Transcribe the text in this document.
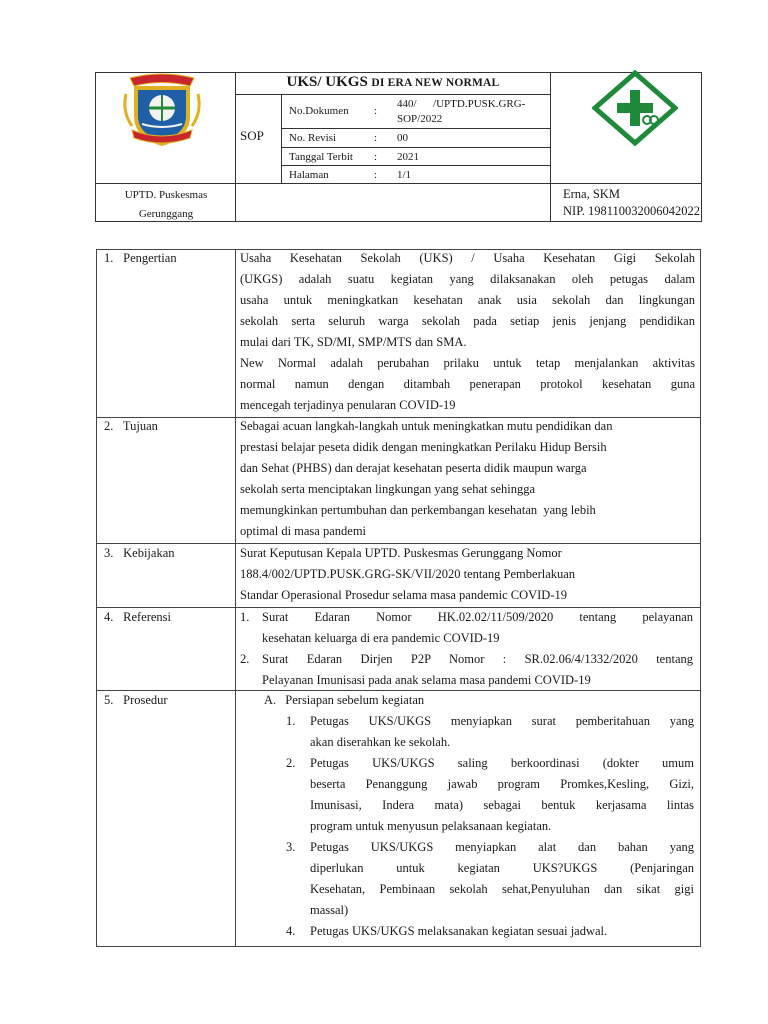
UKS/ UKGS DI ERA NEW NORMAL
SOP
No.Dokumen :
440/      /UPTD.PUSK.GRG-
SOP/2022
No. Revisi	: 00
Tanggal Terbit : 2021
Halaman	: 1/1
UPTD. Puskesmas
Gerunggang
Erna, SKM
NIP. 198110032006042022
1. Pengertian	Usaha Kesehatan Sekolah (UKS) / Usaha Kesehatan Gigi Sekolah
(UKGS) adalah suatu kegiatan yang dilaksanakan oleh petugas dalam
usaha untuk meningkatkan kesehatan anak usia sekolah dan lingkungan
sekolah serta seluruh warga sekolah pada setiap jenis jenjang pendidikan
mulai dari TK, SD/MI, SMP/MTS dan SMA.
New Normal adalah perubahan prilaku untuk tetap menjalankan aktivitas
normal namun dengan ditambah penerapan protokol kesehatan guna
mencegah terjadinya penularan COVID-19
2. Tujuan	Sebagai acuan langkah-langkah untuk meningkatkan mutu pendidikan dan
prestasi belajar peseta didik dengan meningkatkan Perilaku Hidup Bersih
dan Sehat (PHBS) dan derajat kesehatan peserta didik maupun warga
sekolah serta menciptakan lingkungan yang sehat sehingga
memungkinkan pertumbuhan dan perkembangan kesehatan  yang lebih
optimal di masa pandemi
3. Kebijakan	Surat Keputusan Kepala UPTD. Puskesmas Gerunggang Nomor
188.4/002/UPTD.PUSK.GRG-SK/VII/2020 tentang Pemberlakuan
Standar Operasional Prosedur selama masa pandemic COVID-19
4. Referensi	1. Surat Edaran Nomor HK.02.02/11/509/2020 tentang pelayanan
kesehatan keluarga di era pandemic COVID-19
2. Surat Edaran Dirjen P2P Nomor : SR.02.06/4/1332/2020 tentang
Pelayanan Imunisasi pada anak selama masa pandemi COVID-19
5. Prosedur	A. Persiapan sebelum kegiatan
1. Petugas UKS/UKGS menyiapkan surat pemberitahuan yang
akan diserahkan ke sekolah.
2. Petugas UKS/UKGS saling berkoordinasi (dokter umum
beserta Penanggung jawab program Promkes,Kesling, Gizi,
Imunisasi, Indera mata) sebagai bentuk kerjasama lintas
program untuk menyusun pelaksanaan kegiatan.
3. Petugas UKS/UKGS menyiapkan alat dan bahan yang
diperlukan untuk kegiatan UKS?UKGS (Penjaringan
Kesehatan, Pembinaan sekolah sehat,Penyuluhan dan sikat gigi
massal)
4. Petugas UKS/UKGS melaksanakan kegiatan sesuai jadwal.
